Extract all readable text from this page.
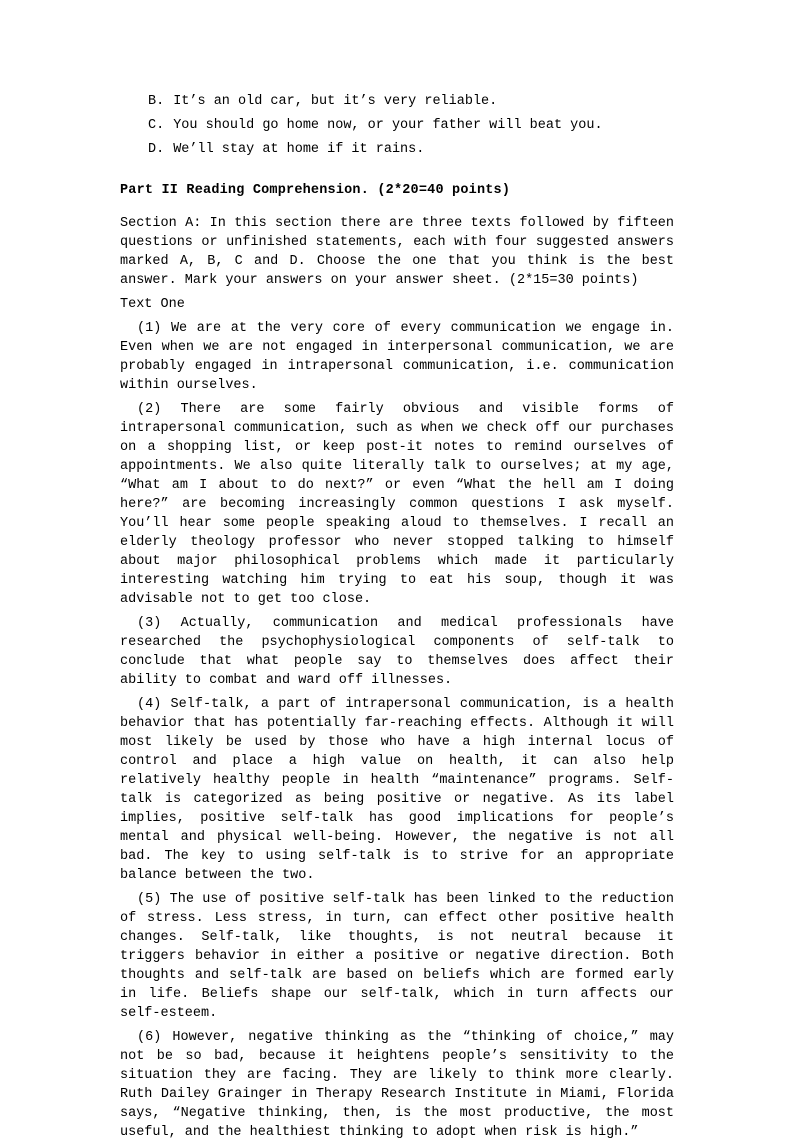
B. It’s an old car, but it’s very reliable.
C. You should go home now, or your father will beat you.
D. We’ll stay at home if it rains.
Part II Reading Comprehension. (2*20=40 points)

Section A: In this section there are three texts followed by fifteen questions or unfinished statements, each with four suggested answers marked A, B, C and D. Choose the one that you think is the best answer. Mark your answers on your answer sheet. (2*15=30 points)

Text One

(1) We are at the very core of every communication we engage in. Even when we are not engaged in interpersonal communication, we are probably engaged in intrapersonal communication, i.e. communication within ourselves.

(2) There are some fairly obvious and visible forms of intrapersonal communication, such as when we check off our purchases on a shopping list, or keep post-it notes to remind ourselves of appointments. We also quite literally talk to ourselves; at my age, “What am I about to do next?” or even “What the hell am I doing here?” are becoming increasingly common questions I ask myself. You’ll hear some people speaking aloud to themselves. I recall an elderly theology professor who never stopped talking to himself about major philosophical problems which made it particularly interesting watching him trying to eat his soup, though it was advisable not to get too close.

(3) Actually, communication and medical professionals have researched the psychophysiological components of self-talk to conclude that what people say to themselves does affect their ability to combat and ward off illnesses.

(4) Self-talk, a part of intrapersonal communication, is a health behavior that has potentially far-reaching effects. Although it will most likely be used by those who have a high internal locus of control and place a high value on health, it can also help relatively healthy people in health “maintenance” programs. Self-talk is categorized as being positive or negative. As its label implies, positive self-talk has good implications for people’s mental and physical well-being. However, the negative is not all bad. The key to using self-talk is to strive for an appropriate balance between the two.

(5) The use of positive self-talk has been linked to the reduction of stress. Less stress, in turn, can effect other positive health changes. Self-talk, like thoughts, is not neutral because it triggers behavior in either a positive or negative direction. Both thoughts and self-talk are based on beliefs which are formed early in life. Beliefs shape our self-talk, which in turn affects our self-esteem.

(6) However, negative thinking as the “thinking of choice,” may not be so bad, because it heightens people’s sensitivity to the situation they are facing. They are likely to think more clearly. Ruth Dailey Grainger in Therapy Research Institute in Miami, Florida says, “Negative thinking, then, is the most productive, the most useful, and the healthiest thinking to adopt when risk is high.”
